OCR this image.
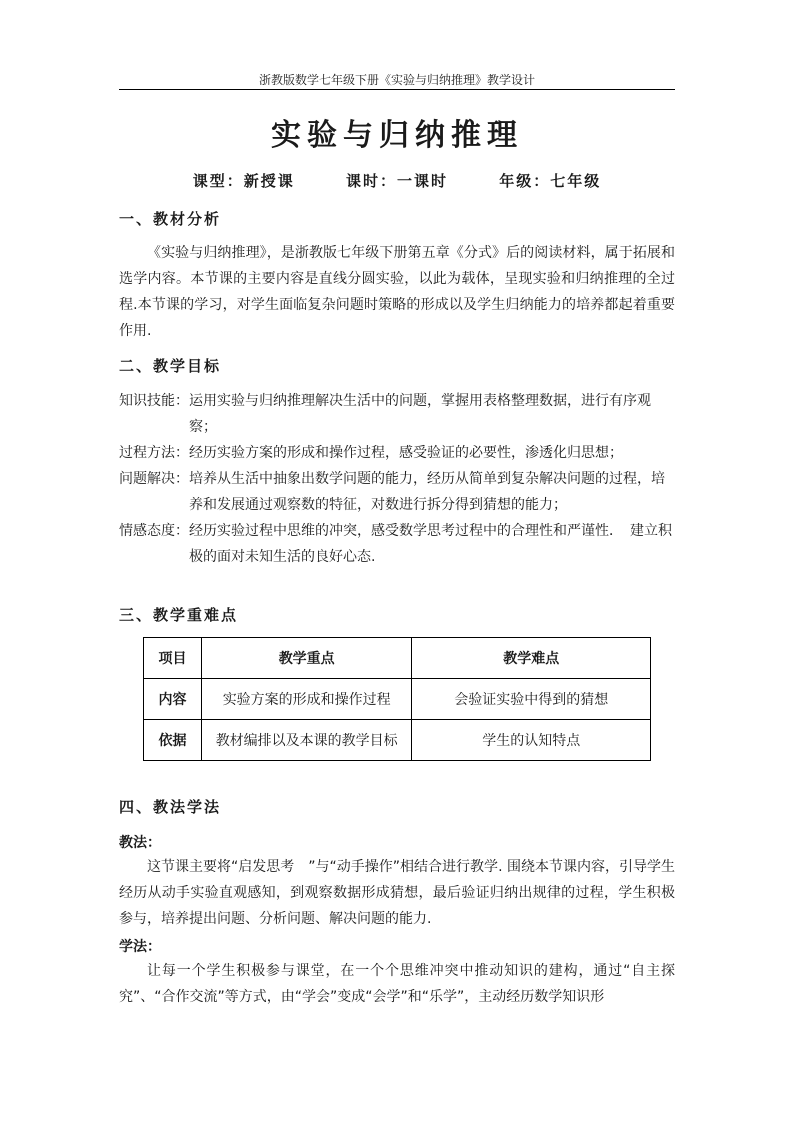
浙教版数学七年级下册《实验与归纳推理》教学设计
实验与归纳推理
课型：新授课	课时：一课时	年级：七年级
一、教材分析
《实验与归纳推理》，是浙教版七年级下册第五章《分式》后的阅读材料，属于拓展和选学内容。本节课的主要内容是直线分圆实验，以此为载体，呈现实验和归纳推理的全过程.本节课的学习，对学生面临复杂问题时策略的形成以及学生归纳能力的培养都起着重要作用.
二、教学目标
知识技能： 运用实验与归纳推理解决生活中的问题，掌握用表格整理数据，进行有序观察；
过程方法： 经历实验方案的形成和操作过程，感受验证的必要性，渗透化归思想；
问题解决： 培养从生活中抽象出数学问题的能力，经历从简单到复杂解决问题的过程，培养和发展通过观察数的特征，对数进行拆分得到猜想的能力；
情感态度： 经历实验过程中思维的冲突，感受数学思考过程中的合理性和严谨性．　建立积极的面对未知生活的良好心态.
三、教学重难点
项目	教学重点	教学难点
内容	实验方案的形成和操作过程	会验证实验中得到的猜想
依据	教材编排以及本课的教学目标	学生的认知特点
四、教法学法
教法：
这节课主要将“启发思考　”与“动手操作”相结合进行教学. 围绕本节课内容，引导学生经历从动手实验直观感知，到观察数据形成猜想，最后验证归纳出规律的过程，学生积极参与，培养提出问题、分析问题、解决问题的能力.
学法：
让每一个学生积极参与课堂，在一个个思维冲突中推动知识的建构，通过“自主探究”、“合作交流”等方式，由“学会”变成“会学”和“乐学”，主动经历数学知识形
